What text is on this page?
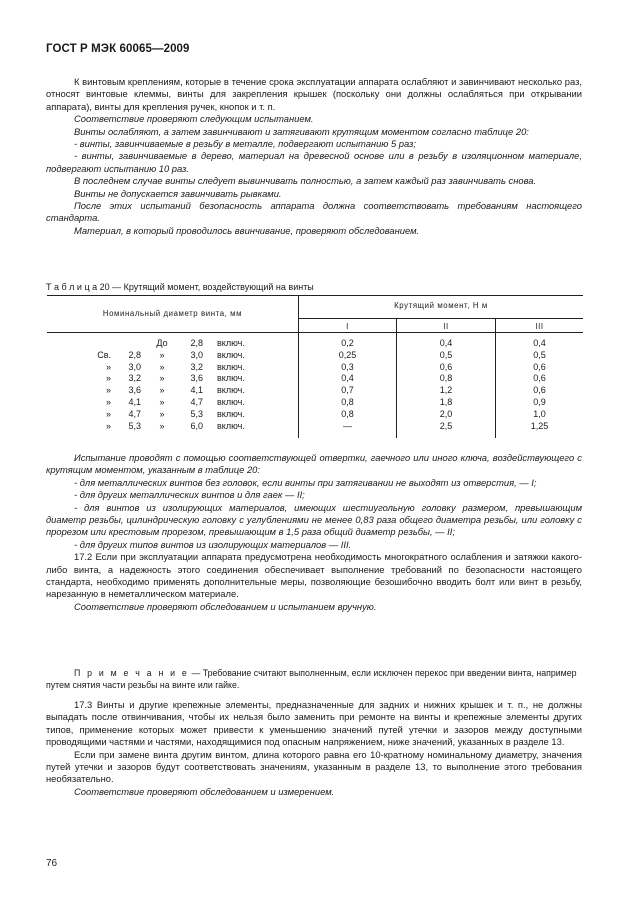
ГОСТ Р МЭК 60065—2009

К винтовым креплениям, которые в течение срока эксплуатации аппарата ослабляют и завинчивают несколько раз, относят винтовые клеммы, винты для закрепления крышек (поскольку они должны ослабляться при открывании аппарата), винты для крепления ручек, кнопок и т. п.

Соответствие проверяют следующим испытанием.

Винты ослабляют, а затем завинчивают и затягивают крутящим моментом согласно таблице 20:

- винты, завинчиваемые в резьбу в металле, подвергают испытанию 5 раз;

- винты, завинчиваемые в дерево, материал на древесной основе или в резьбу в изоляционном материале, подвергают испытанию 10 раз.

В последнем случае винты следует вывинчивать полностью, а затем каждый раз завинчивать снова.

Винты не допускается завинчивать рывками.

После этих испытаний безопасность аппарата должна соответствовать требованиям настоящего стандарта.

Материал, в который проводилось ввинчивание, проверяют обследованием.

Т а б л и ц а 20 — Крутящий момент, воздействующий на винты
Номинальный диаметр винта, мм
Крутящий момент, Н м
I	II	III
До	2,8 включ.	0,2	0,4	0,4
Св.	2,8	»	3,0 включ.	0,25	0,5	0,5
»	3,0	»	3,2 включ.	0,3	0,6	0,6
»	3,2	»	3,6 включ.	0,4	0,8	0,6
»	3,6	»	4,1 включ.	0,7	1,2	0,6
»	4,1	»	4,7 включ.	0,8	1,8	0,9
»	4,7	»	5,3 включ.	0,8	2,0	1,0
»	5,3	»	6,0 включ.	—	2,5	1,25

Испытание проводят с помощью соответствующей отвертки, гаечного или иного ключа, воздействующего с крутящим моментом, указанным в таблице 20:

- для металлических винтов без головок, если винты при затягивании не выходят из отверстия, — I;

- для других металлических винтов и для гаек — II;

- для винтов из изолирующих материалов, имеющих шестиугольную головку размером, превышающим диаметр резьбы, цилиндрическую головку с углублениями не менее 0,83 раза общего диаметра резьбы, или головку с прорезом или крестовым прорезом, превышающим в 1,5 раза общий диаметр резьбы, — II;

- для других типов винтов из изолирующих материалов — III.

17.2 Если при эксплуатации аппарата предусмотрена необходимость многократного ослабления и затяжки какого-либо винта, а надежность этого соединения обеспечивает выполнение требований по безопасности настоящего стандарта, необходимо применять дополнительные меры, позволяющие безошибочно вводить болт или винт в резьбу, нарезанную в неметаллическом материале.

Соответствие проверяют обследованием и испытанием вручную.

П р и м е ч а н и е — Требование считают выполненным, если исключен перекос при введении винта, например путем снятия части резьбы на винте или гайке.

17.3 Винты и другие крепежные элементы, предназначенные для задних и нижних крышек и т. п., не должны выпадать после отвинчивания, чтобы их нельзя было заменить при ремонте на винты и крепежные элементы других типов, применение которых может привести к уменьшению значений путей утечки и зазоров между доступными проводящими частями и частями, находящимися под опасным напряжением, ниже значений, указанных в разделе 13.

Если при замене винта другим винтом, длина которого равна его 10-кратному номинальному диаметру, значения путей утечки и зазоров будут соответствовать значениям, указанным в разделе 13, то выполнение этого требования необязательно.

Соответствие проверяют обследованием и измерением.

76
